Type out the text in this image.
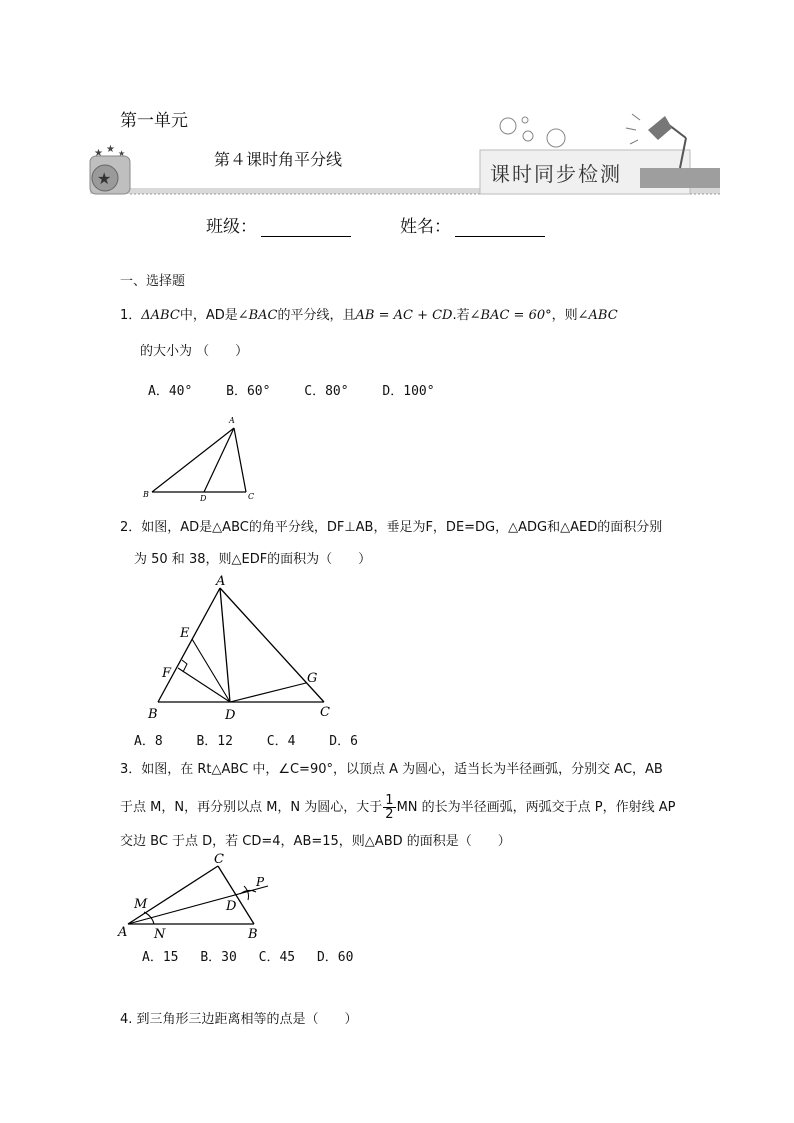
★
★ ★ ★
第一单元
第４课时角平分线
课时同步检测
班级：	姓名：
一、选择题
1．ΔABC中，AD是∠BAC的平分线，且AB = AC + CD.若∠BAC = 60°，则∠ABC
的大小为 （　　）
A．40°	B．60°	C．80°	D．100°
A
B	C
D
2．如图，AD是△ABC的角平分线，DF⊥AB，垂足为F，DE=DG，△ADG和△AED的面积分别
为 50 和 38，则△EDF的面积为（　　）
A
B	C
D
E
F	G
A．8	B．12	C．4	D．6
3．如图，在 Rt△ABC 中，∠C=90°，以顶点 A 为圆心，适当长为半径画弧，分别交 AC，AB
于点 M，N，再分别以点 M，N 为圆心，大于 $\frac{1}{2}$ MN 的长为半径画弧，两弧交于点 P，作射线 AP
交边 BC 于点 D，若 CD=4，AB=15，则△ABD 的面积是（　　）
C
A	B
D
M
N
P
A．15 B．30 C．45 D．60
4. 到三角形三边距离相等的点是（　　）
